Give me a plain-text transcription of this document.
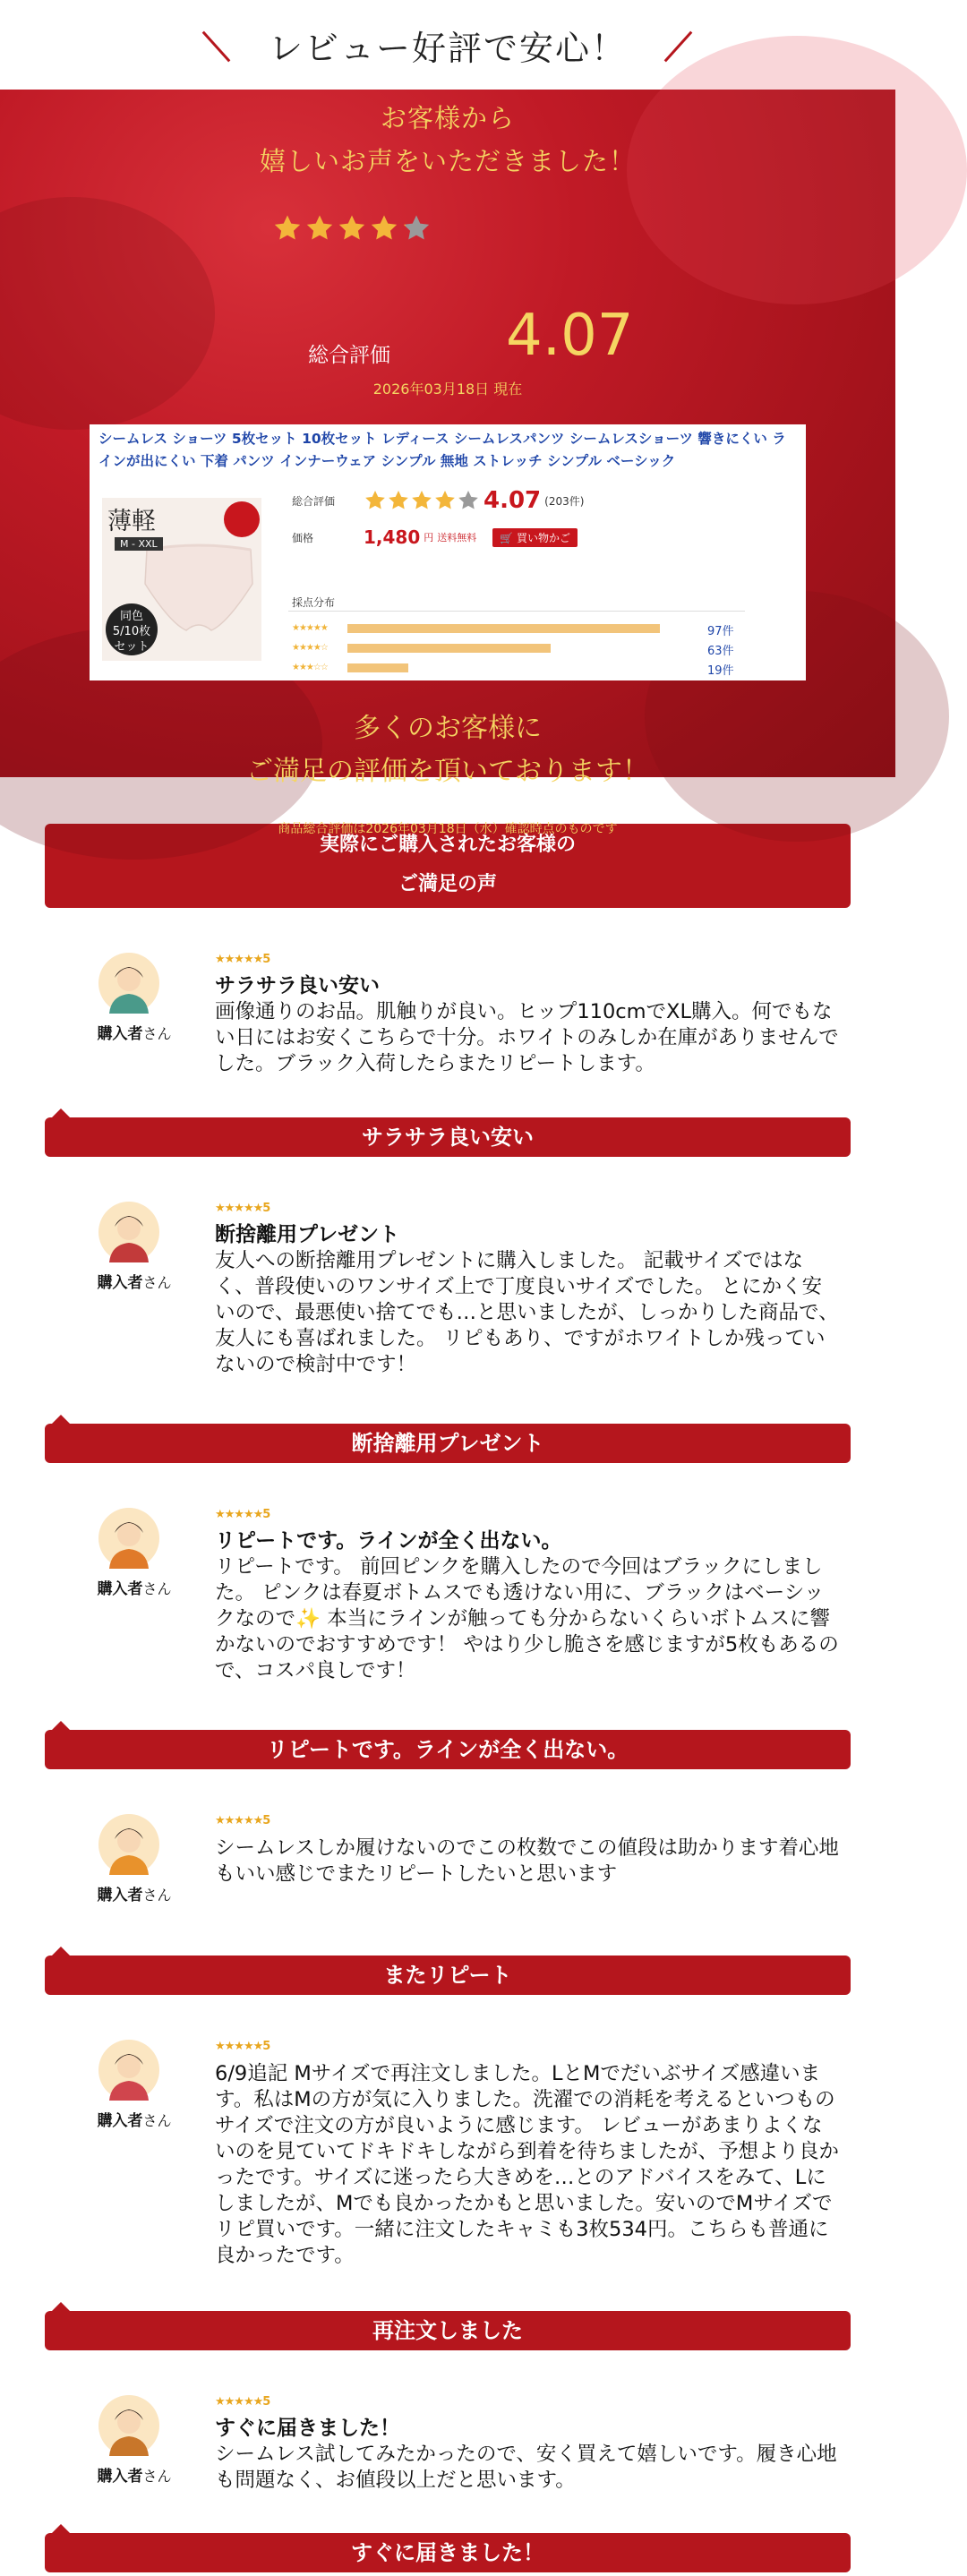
レビュー好評で安心！
お客様から
嬉しいお声をいただきました！
総合評価 4.07
2026年03月18日 現在
シームレス ショーツ 5枚セット 10枚セット レディース シームレスパンツ シームレスショーツ 響きにくい ラインが出にくい 下着 パンツ インナーウェア シンプル 無地 ストレッチ シンプル ベーシック
薄軽
M - XXL
同色 5/10枚 セット
総合評価	4.07 (203件)
価格	1,480 円 送料無料	🛒 買い物かご
採点分布
★★★★★	97件
★★★★☆	63件
★★★☆☆	19件
多くのお客様に
ご満足の評価を頂いております！
商品総合評価は2026年03月18日（水）確認時点のものです
実際にご購入されたお客様の
ご満足の声
購入者さん
★★★★★5
サラサラ良い安い
画像通りのお品。肌触りが良い。ヒップ110cmでXL購入。何でもない日にはお安くこちらで十分。ホワイトのみしか在庫がありませんでした。ブラック入荷したらまたリピートします。
サラサラ良い安い
購入者さん
★★★★★5
断捨離用プレゼント
友人への断捨離用プレゼントに購入しました。 記載サイズではなく、普段使いのワンサイズ上で丁度良いサイズでした。 とにかく安いので、最悪使い捨てでも…と思いましたが、しっかりした商品で、友人にも喜ばれました。 リピもあり、ですがホワイトしか残っていないので検討中です！
断捨離用プレゼント
購入者さん
★★★★★5
リピートです。ラインが全く出ない。
リピートです。 前回ピンクを購入したので今回はブラックにしました。 ピンクは春夏ボトムスでも透けない用に、ブラックはベーシックなので✨ 本当にラインが触っても分からないくらいボトムスに響かないのでおすすめです！ やはり少し脆さを感じますが5枚もあるので、コスパ良しです！
リピートです。ラインが全く出ない。
購入者さん
★★★★★5
シームレスしか履けないのでこの枚数でこの値段は助かります着心地もいい感じでまたリピートしたいと思います
またリピート
購入者さん
★★★★★5
6/9追記 Mサイズで再注文しました。LとMでだいぶサイズ感違います。私はMの方が気に入りました。洗濯での消耗を考えるといつものサイズで注文の方が良いように感じます。 レビューがあまりよくないのを見ていてドキドキしながら到着を待ちましたが、予想より良かったです。サイズに迷ったら大きめを…とのアドバイスをみて、Lにしましたが、Mでも良かったかもと思いました。安いのでMサイズでリピ買いです。一緒に注文したキャミも3枚534円。こちらも普通に良かったです。
再注文しました
購入者さん
★★★★★5
すぐに届きました！
シームレス試してみたかったので、安く買えて嬉しいです。履き心地も問題なく、お値段以上だと思います。
すぐに届きました！
